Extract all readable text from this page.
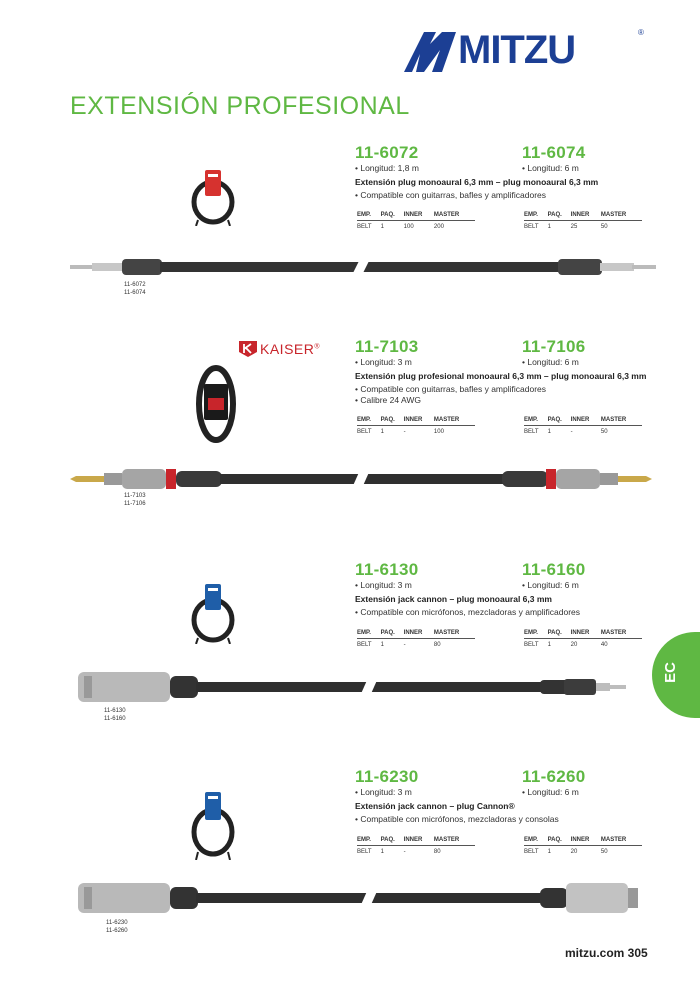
MITZU	®
EXTENSIÓN PROFESIONAL
11-6072	11-6074
• Longitud: 1,8 m	• Longitud: 6 m
Extensión plug monoaural 6,3 mm – plug monoaural 6,3 mm
• Compatible con guitarras, bafles y amplificadores
EMP.	PAQ.	INNER	MASTER
BELT	1	100	200
EMP.	PAQ.	INNER	MASTER
BELT	1	25	50
11-6072
11-6074
KAISER® 11-7103	11-7106
• Longitud: 3 m	• Longitud: 6 m
Extensión plug profesional monoaural 6,3 mm – plug monoaural 6,3 mm
• Compatible con guitarras, bafles y amplificadores
• Calibre 24 AWG
EMP.	PAQ.	INNER	MASTER
BELT	1	-	100
EMP.	PAQ.	INNER	MASTER
BELT	1	-	50
11-7103
11-7106
11-6130	11-6160
• Longitud: 3 m	• Longitud: 6 m
Extensión jack cannon – plug monoaural 6,3 mm
• Compatible con micrófonos, mezcladoras y amplificadores
EMP.	PAQ.	INNER	MASTER
BELT	1	-	80
EMP.	PAQ.	INNER	MASTER
BELT	1	20	40
11-6130
11-6160
EC
11-6230	11-6260
• Longitud: 3 m	• Longitud: 6 m
Extensión jack cannon – plug Cannon®
• Compatible con micrófonos, mezcladoras y consolas
EMP.	PAQ.	INNER	MASTER
BELT	1	-	80
EMP.	PAQ.	INNER	MASTER
BELT	1	20	50
11-6230
11-6260
mitzu.com 305
